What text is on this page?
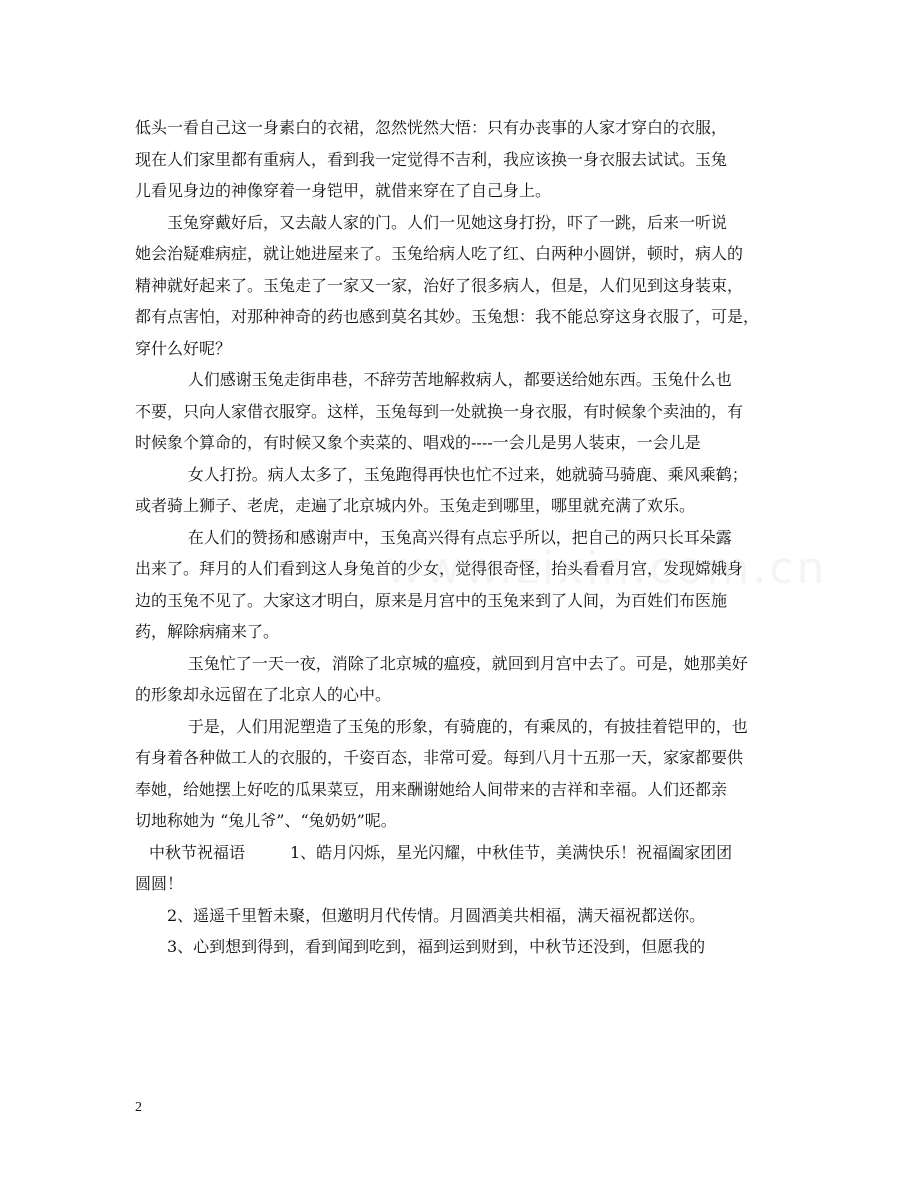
低头一看自己这一身素白的衣裙，忽然恍然大悟：只有办丧事的人家才穿白的衣服，
现在人们家里都有重病人，看到我一定觉得不吉利，我应该换一身衣服去试试。玉兔
儿看见身边的神像穿着一身铠甲，就借来穿在了自己身上。

玉兔穿戴好后，又去敲人家的门。人们一见她这身打扮，吓了一跳，后来一听说
她会治疑难病症，就让她进屋来了。玉兔给病人吃了红、白两种小圆饼，顿时，病人的
精神就好起来了。玉兔走了一家又一家，治好了很多病人，但是，人们见到这身装束，
都有点害怕，对那种神奇的药也感到莫名其妙。玉兔想：我不能总穿这身衣服了，可是，
穿什么好呢？

人们感谢玉兔走街串巷，不辞劳苦地解救病人，都要送给她东西。玉兔什么也
不要，只向人家借衣服穿。这样，玉兔每到一处就换一身衣服，有时候象个卖油的，有
时候象个算命的，有时候又象个卖菜的、唱戏的----一会儿是男人装束，一会儿是

女人打扮。病人太多了，玉兔跑得再快也忙不过来，她就骑马骑鹿、乘风乘鹤；
或者骑上狮子、老虎，走遍了北京城内外。玉兔走到哪里，哪里就充满了欢乐。

在人们的赞扬和感谢声中，玉兔高兴得有点忘乎所以，把自己的两只长耳朵露
出来了。拜月的人们看到这人身兔首的少女，觉得很奇怪，抬头看看月宫，发现嫦娥身
边的玉兔不见了。大家这才明白，原来是月宫中的玉兔来到了人间，为百姓们布医施
药，解除病痛来了。

玉兔忙了一天一夜，消除了北京城的瘟疫，就回到月宫中去了。可是，她那美好
的形象却永远留在了北京人的心中。

于是，人们用泥塑造了玉兔的形象，有骑鹿的，有乘凤的，有披挂着铠甲的，也
有身着各种做工人的衣服的，千姿百态，非常可爱。每到八月十五那一天，家家都要供
奉她，给她摆上好吃的瓜果菜豆，用来酬谢她给人间带来的吉祥和幸福。人们还都亲
切地称她为 “兔儿爷”、“兔奶奶”呢。

中秋节祝福语	1、皓月闪烁，星光闪耀，中秋佳节，美满快乐！祝福阖家团团
圆圆！
2、遥遥千里暂未聚，但邀明月代传情。月圆酒美共相福，满天福祝都送你。
3、心到想到得到，看到闻到吃到，福到运到财到，中秋节还没到，但愿我的

2
